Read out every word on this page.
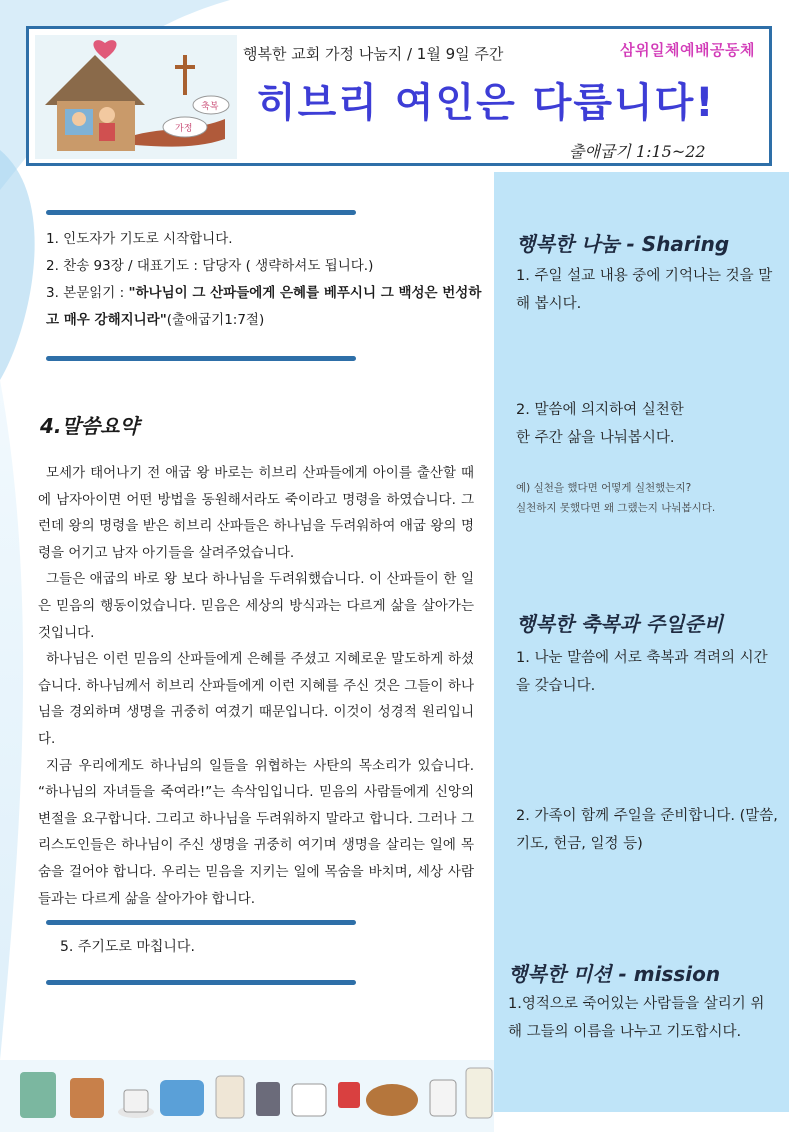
가정
축복
행복한 교회 가정 나눔지 / 1월 9일 주간	삼위일체예배공동체
히브리 여인은 다릅니다!
출애굽기 1:15~22
1. 인도자가 기도로 시작합니다.
2. 찬송 93장 / 대표기도 : 담당자 ( 생략하셔도 됩니다.)
3. 본문읽기 : "하나님이 그 산파들에게 은혜를 베푸시니 그 백성은 번성하고 매우 강해지니라"(출애굽기1:7절)
4.말씀요약

모세가 태어나기 전 애굽 왕 바로는 히브리 산파들에게 아이를 출산할 때에 남자아이면 어떤 방법을 동원해서라도 죽이라고 명령을 하였습니다. 그런데 왕의 명령을 받은 히브리 산파들은 하나님을 두려워하여 애굽 왕의 명령을 어기고 남자 아기들을 살려주었습니다.

그들은 애굽의 바로 왕 보다 하나님을 두려워했습니다. 이 산파들이 한 일은 믿음의 행동이었습니다. 믿음은 세상의 방식과는 다르게 삶을 살아가는 것입니다.

하나님은 이런 믿음의 산파들에게 은혜를 주셨고 지혜로운 말도하게 하셨습니다. 하나님께서 히브리 산파들에게 이런 지혜를 주신 것은 그들이 하나님을 경외하며 생명을 귀중히 여겼기 때문입니다. 이것이 성경적 원리입니다.

지금 우리에게도 하나님의 일들을 위협하는 사탄의 목소리가 있습니다. “하나님의 자녀들을 죽여라!”는 속삭임입니다. 믿음의 사람들에게 신앙의 변절을 요구합니다. 그리고 하나님을 두려워하지 말라고 합니다. 그러나 그리스도인들은 하나님이 주신 생명을 귀중히 여기며 생명을 살리는 일에 목숨을 걸어야 합니다. 우리는 믿음을 지키는 일에 목숨을 바치며, 세상 사람들과는 다르게 삶을 살아가야 합니다.

5. 주기도로 마칩니다.
행복한 나눔 - Sharing
1. 주일 설교 내용 중에 기억나는 것을 말해 봅시다.
2. 말씀에 의지하여 실천한
한 주간 삶을 나눠봅시다.
예) 실천을 했다면 어떻게 실천했는지?
실천하지 못했다면 왜 그랬는지 나눠봅시다.
행복한 축복과 주일준비
1. 나눈 말씀에 서로 축복과 격려의 시간을 갖습니다.
2. 가족이 함께 주일을 준비합니다. (말씀, 기도, 헌금, 일정 등)
행복한 미션 - mission
1.영적으로 죽어있는 사람들을 살리기 위해 그들의 이름을 나누고 기도합시다.
